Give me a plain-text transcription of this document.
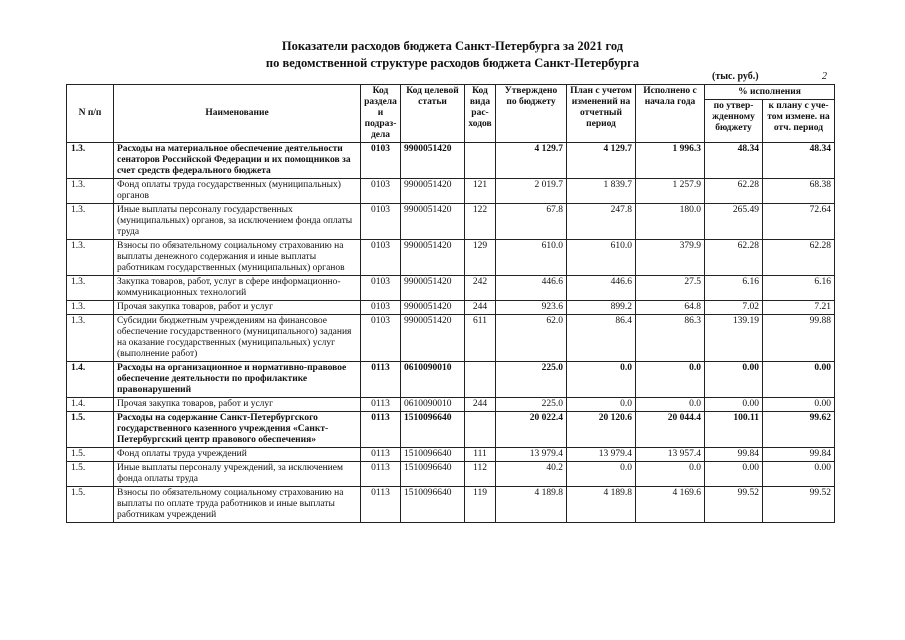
Показатели расходов бюджета Санкт-Петербурга за 2021 год
по ведомственной структуре расходов бюджета Санкт-Петербурга
(тыс. руб.)	2
N п/п	Наименование	Код раздела и подраз-дела	Код целевой статьи	Код вида рас-ходов	Утверждено по бюджету	План с учетом изменений на отчетный период	Исполнено с начала года	% исполнения	
								по утвер-жденному бюджету	к плану с уче-том измене. на отч. период
1.3.	Расходы на материальное обеспечение деятельности сенаторов Российской Федерации и их помощников за счет средств федерального бюджета	0103	9900051420		4 129.7	4 129.7	1 996.3	48.34	48.34
1.3.	Фонд оплаты труда государственных (муниципальных) органов	0103	9900051420	121	2 019.7	1 839.7	1 257.9	62.28	68.38
1.3.	Иные выплаты персоналу государственных (муниципальных) органов, за исключением фонда оплаты труда	0103	9900051420	122	67.8	247.8	180.0	265.49	72.64
1.3.	Взносы по обязательному социальному страхованию на выплаты денежного содержания и иные выплаты работникам государственных (муниципальных) органов	0103	9900051420	129	610.0	610.0	379.9	62.28	62.28
1.3.	Закупка товаров, работ, услуг в сфере информационно-коммуникационных технологий	0103	9900051420	242	446.6	446.6	27.5	6.16	6.16
1.3.	Прочая закупка товаров, работ и услуг	0103	9900051420	244	923.6	899.2	64.8	7.02	7.21
1.3.	Субсидии бюджетным учреждениям на финансовое обеспечение государственного (муниципального) задания на оказание государственных (муниципальных) услуг (выполнение работ)	0103	9900051420	611	62.0	86.4	86.3	139.19	99.88
1.4.	Расходы на организационное и нормативно-правовое обеспечение деятельности по профилактике правонарушений	0113	0610090010		225.0	0.0	0.0	0.00	0.00
1.4.	Прочая закупка товаров, работ и услуг	0113	0610090010	244	225.0	0.0	0.0	0.00	0.00
1.5.	Расходы на содержание Санкт-Петербургского государственного казенного учреждения «Санкт-Петербургский центр правового обеспечения»	0113	1510096640		20 022.4	20 120.6	20 044.4	100.11	99.62
1.5.	Фонд оплаты труда учреждений	0113	1510096640	111	13 979.4	13 979.4	13 957.4	99.84	99.84
1.5.	Иные выплаты персоналу учреждений, за исключением фонда оплаты труда	0113	1510096640	112	40.2	0.0	0.0	0.00	0.00
1.5.	Взносы по обязательному социальному страхованию на выплаты по оплате труда работников и иные выплаты работникам учреждений	0113	1510096640	119	4 189.8	4 189.8	4 169.6	99.52	99.52
